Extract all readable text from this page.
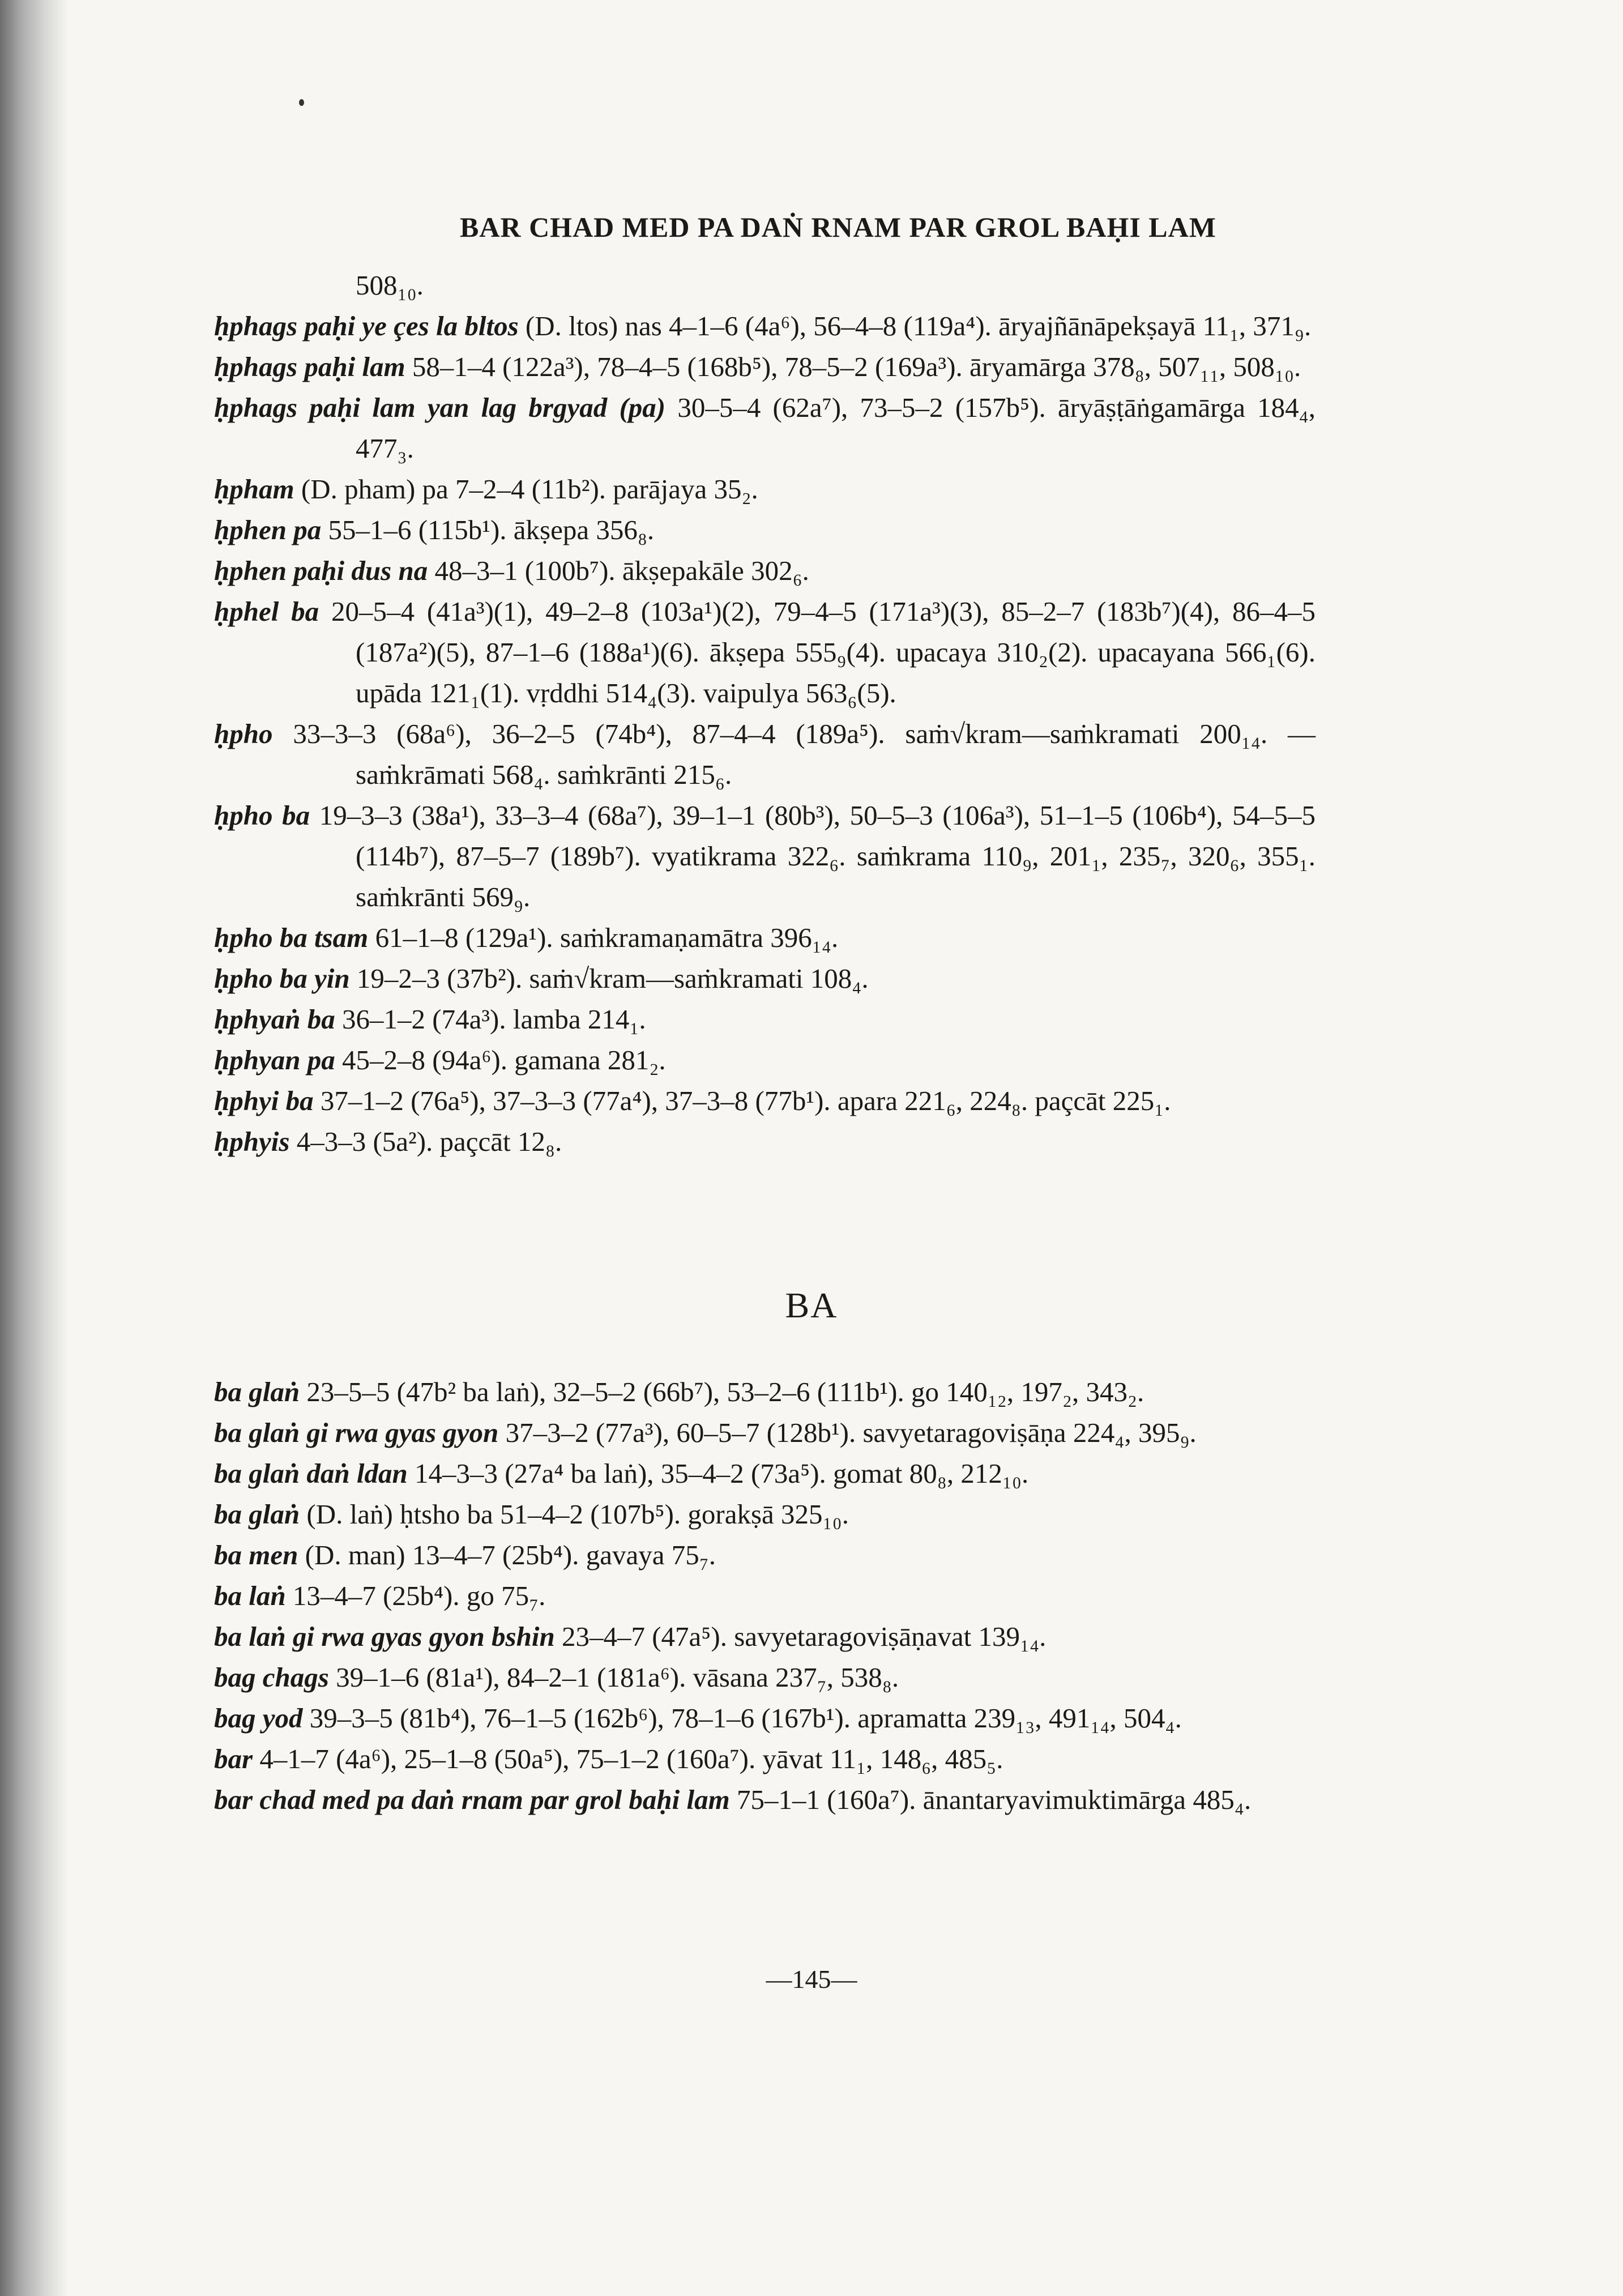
BAR CHAD MED PA DAṄ RNAM PAR GROL BAḤI LAM
508₁₀.
ḥphags paḥi ye çes la bltos (D. ltos) nas 4–1–6 (4a⁶), 56–4–8 (119a⁴). āryajñānāpekṣayā 11₁, 371₉.
ḥphags paḥi lam 58–1–4 (122a³), 78–4–5 (168b⁵), 78–5–2 (169a³). āryamārga 378₈, 507₁₁, 508₁₀.
ḥphags paḥi lam yan lag brgyad (pa) 30–5–4 (62a⁷), 73–5–2 (157b⁵). āryāṣṭāṅgamārga 184₄, 477₃.
ḥpham (D. pham) pa 7–2–4 (11b²). parājaya 35₂.
ḥphen pa 55–1–6 (115b¹). ākṣepa 356₈.
ḥphen paḥi dus na 48–3–1 (100b⁷). ākṣepakāle 302₆.
ḥphel ba 20–5–4 (41a³)(1), 49–2–8 (103a¹)(2), 79–4–5 (171a³)(3), 85–2–7 (183b⁷)(4), 86–4–5 (187a²)(5), 87–1–6 (188a¹)(6). ākṣepa 555₉(4). upacaya 310₂(2). upacayana 566₁(6). upāda 121₁(1). vṛddhi 514₄(3). vaipulya 563₆(5).
ḥpho 33–3–3 (68a⁶), 36–2–5 (74b⁴), 87–4–4 (189a⁵). saṁ√kram—saṁkramati 200₁₄. —saṁkrāmati 568₄. saṁkrānti 215₆.
ḥpho ba 19–3–3 (38a¹), 33–3–4 (68a⁷), 39–1–1 (80b³), 50–5–3 (106a³), 51–1–5 (106b⁴), 54–5–5 (114b⁷), 87–5–7 (189b⁷). vyatikrama 322₆. saṁkrama 110₉, 201₁, 235₇, 320₆, 355₁. saṁkrānti 569₉.
ḥpho ba tsam 61–1–8 (129a¹). saṁkramaṇamātra 396₁₄.
ḥpho ba yin 19–2–3 (37b²). saṁ√kram—saṁkramati 108₄.
ḥphyaṅ ba 36–1–2 (74a³). lamba 214₁.
ḥphyan pa 45–2–8 (94a⁶). gamana 281₂.
ḥphyi ba 37–1–2 (76a⁵), 37–3–3 (77a⁴), 37–3–8 (77b¹). apara 221₆, 224₈. paçcāt 225₁.
ḥphyis 4–3–3 (5a²). paçcāt 12₈.
BA
ba glaṅ 23–5–5 (47b² ba laṅ), 32–5–2 (66b⁷), 53–2–6 (111b¹). go 140₁₂, 197₂, 343₂.
ba glaṅ gi rwa gyas gyon 37–3–2 (77a³), 60–5–7 (128b¹). savyetaragoviṣāṇa 224₄, 395₉.
ba glaṅ daṅ ldan 14–3–3 (27a⁴ ba laṅ), 35–4–2 (73a⁵). gomat 80₈, 212₁₀.
ba glaṅ (D. laṅ) ḥtsho ba 51–4–2 (107b⁵). gorakṣā 325₁₀.
ba men (D. man) 13–4–7 (25b⁴). gavaya 75₇.
ba laṅ 13–4–7 (25b⁴). go 75₇.
ba laṅ gi rwa gyas gyon bshin 23–4–7 (47a⁵). savyetaragoviṣāṇavat 139₁₄.
bag chags 39–1–6 (81a¹), 84–2–1 (181a⁶). vāsana 237₇, 538₈.
bag yod 39–3–5 (81b⁴), 76–1–5 (162b⁶), 78–1–6 (167b¹). apramatta 239₁₃, 491₁₄, 504₄.
bar 4–1–7 (4a⁶), 25–1–8 (50a⁵), 75–1–2 (160a⁷). yāvat 11₁, 148₆, 485₅.
bar chad med pa daṅ rnam par grol baḥi lam 75–1–1 (160a⁷). ānantaryavimuktimārga 485₄.
—145—
